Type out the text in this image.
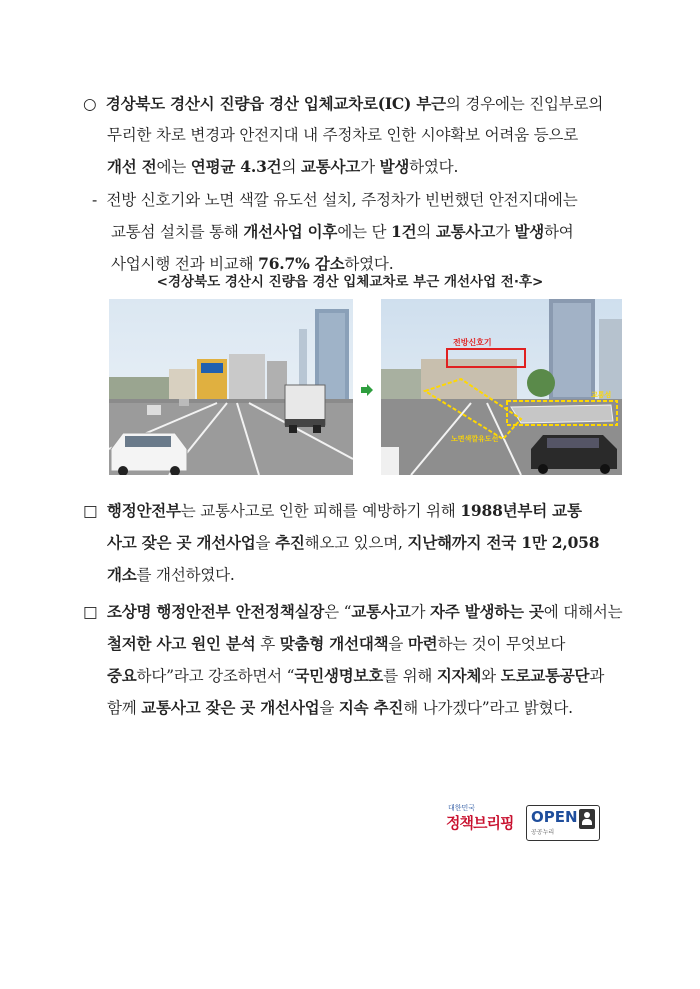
○ 경상북도 경산시 진량읍 경산 입체교차로(IC) 부근의 경우에는 진입부로의

무리한 차로 변경과 안전지대 내 주정차로 인한 시야확보 어려움 등으로

개선 전에는 연평균 4.3건의 교통사고가 발생하였다.

- 전방 신호기와 노면 색깔 유도선 설치, 주정차가 빈번했던 안전지대에는

교통섬 설치를 통해 개선사업 이후에는 단 1건의 교통사고가 발생하여

사업시행 전과 비교해 76.7% 감소하였다.

<경상북도 경산시 진량읍 경산 입체교차로 부근 개선사업 전·후>
전방신호기
노면색깔유도선
교통섬

□ 행정안전부는 교통사고로 인한 피해를 예방하기 위해 1988년부터 교통

사고 잦은 곳 개선사업을 추진해오고 있으며, 지난해까지 전국 1만 2,058

개소를 개선하였다.

□ 조상명 행정안전부 안전정책실장은 “교통사고가 자주 발생하는 곳에 대해서는

철저한 사고 원인 분석 후 맞춤형 개선대책을 마련하는 것이 무엇보다

중요하다”라고 강조하면서 “국민생명보호를 위해 지자체와 도로교통공단과

함께 교통사고 잦은 곳 개선사업을 지속 추진해 나가겠다”라고 밝혔다.

대한민국
정책브리핑 OPEN
공공누리
